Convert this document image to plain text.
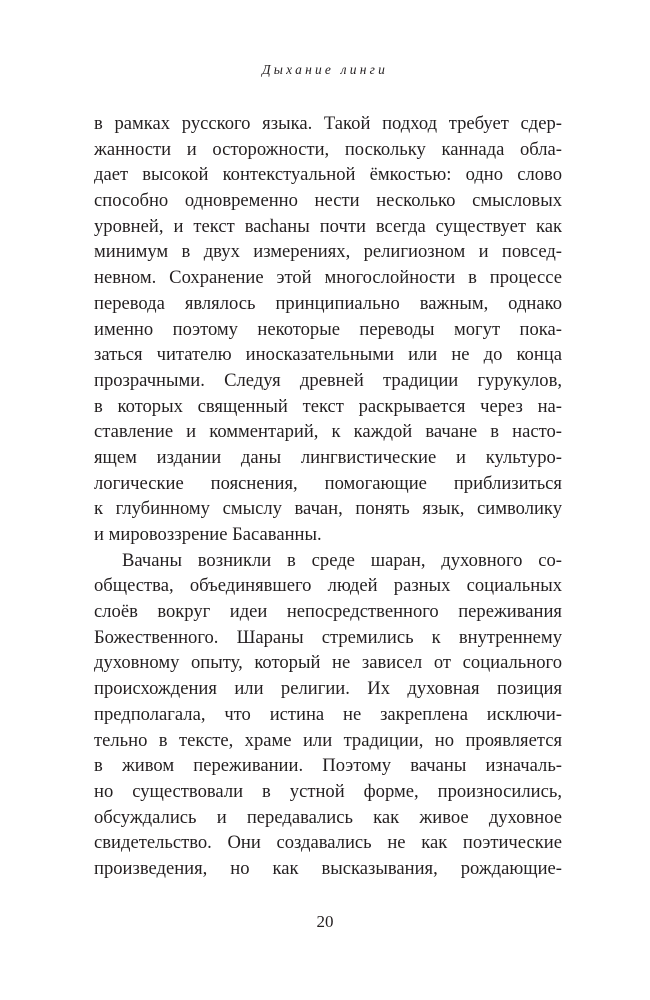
Дыхание линги
в рамках русского языка. Такой подход требует сдер-
жанности и осторожности, поскольку каннада обла-
дает высокой контекстуальной ёмкостью: одно слово
способно одновременно нести несколько смысловых
уровней, и текст ваchаны почти всегда существует как
минимум в двух измерениях, религиозном и повсед-
невном. Сохранение этой многослойности в процессе
перевода являлось принципиально важным, однако
именно поэтому некоторые переводы могут пока-
заться читателю иносказательными или не до конца
прозрачными. Следуя древней традиции гурукулов,
в которых священный текст раскрывается через на-
ставление и комментарий, к каждой вачане в насто-
ящем издании даны лингвистические и культуро-
логические пояснения, помогающие приблизиться
к глубинному смыслу вачан, понять язык, символику
и мировоззрение Басаванны.
Вачаны возникли в среде шаран, духовного со-
общества, объединявшего людей разных социальных
слоёв вокруг идеи непосредственного переживания
Божественного. Шараны стремились к внутреннему
духовному опыту, который не зависел от социального
происхождения или религии. Их духовная позиция
предполагала, что истина не закреплена исключи-
тельно в тексте, храме или традиции, но проявляется
в живом переживании. Поэтому вачаны изначаль-
но существовали в устной форме, произносились,
обсуждались и передавались как живое духовное
свидетельство. Они создавались не как поэтические
произведения, но как высказывания, рождающие-
20
